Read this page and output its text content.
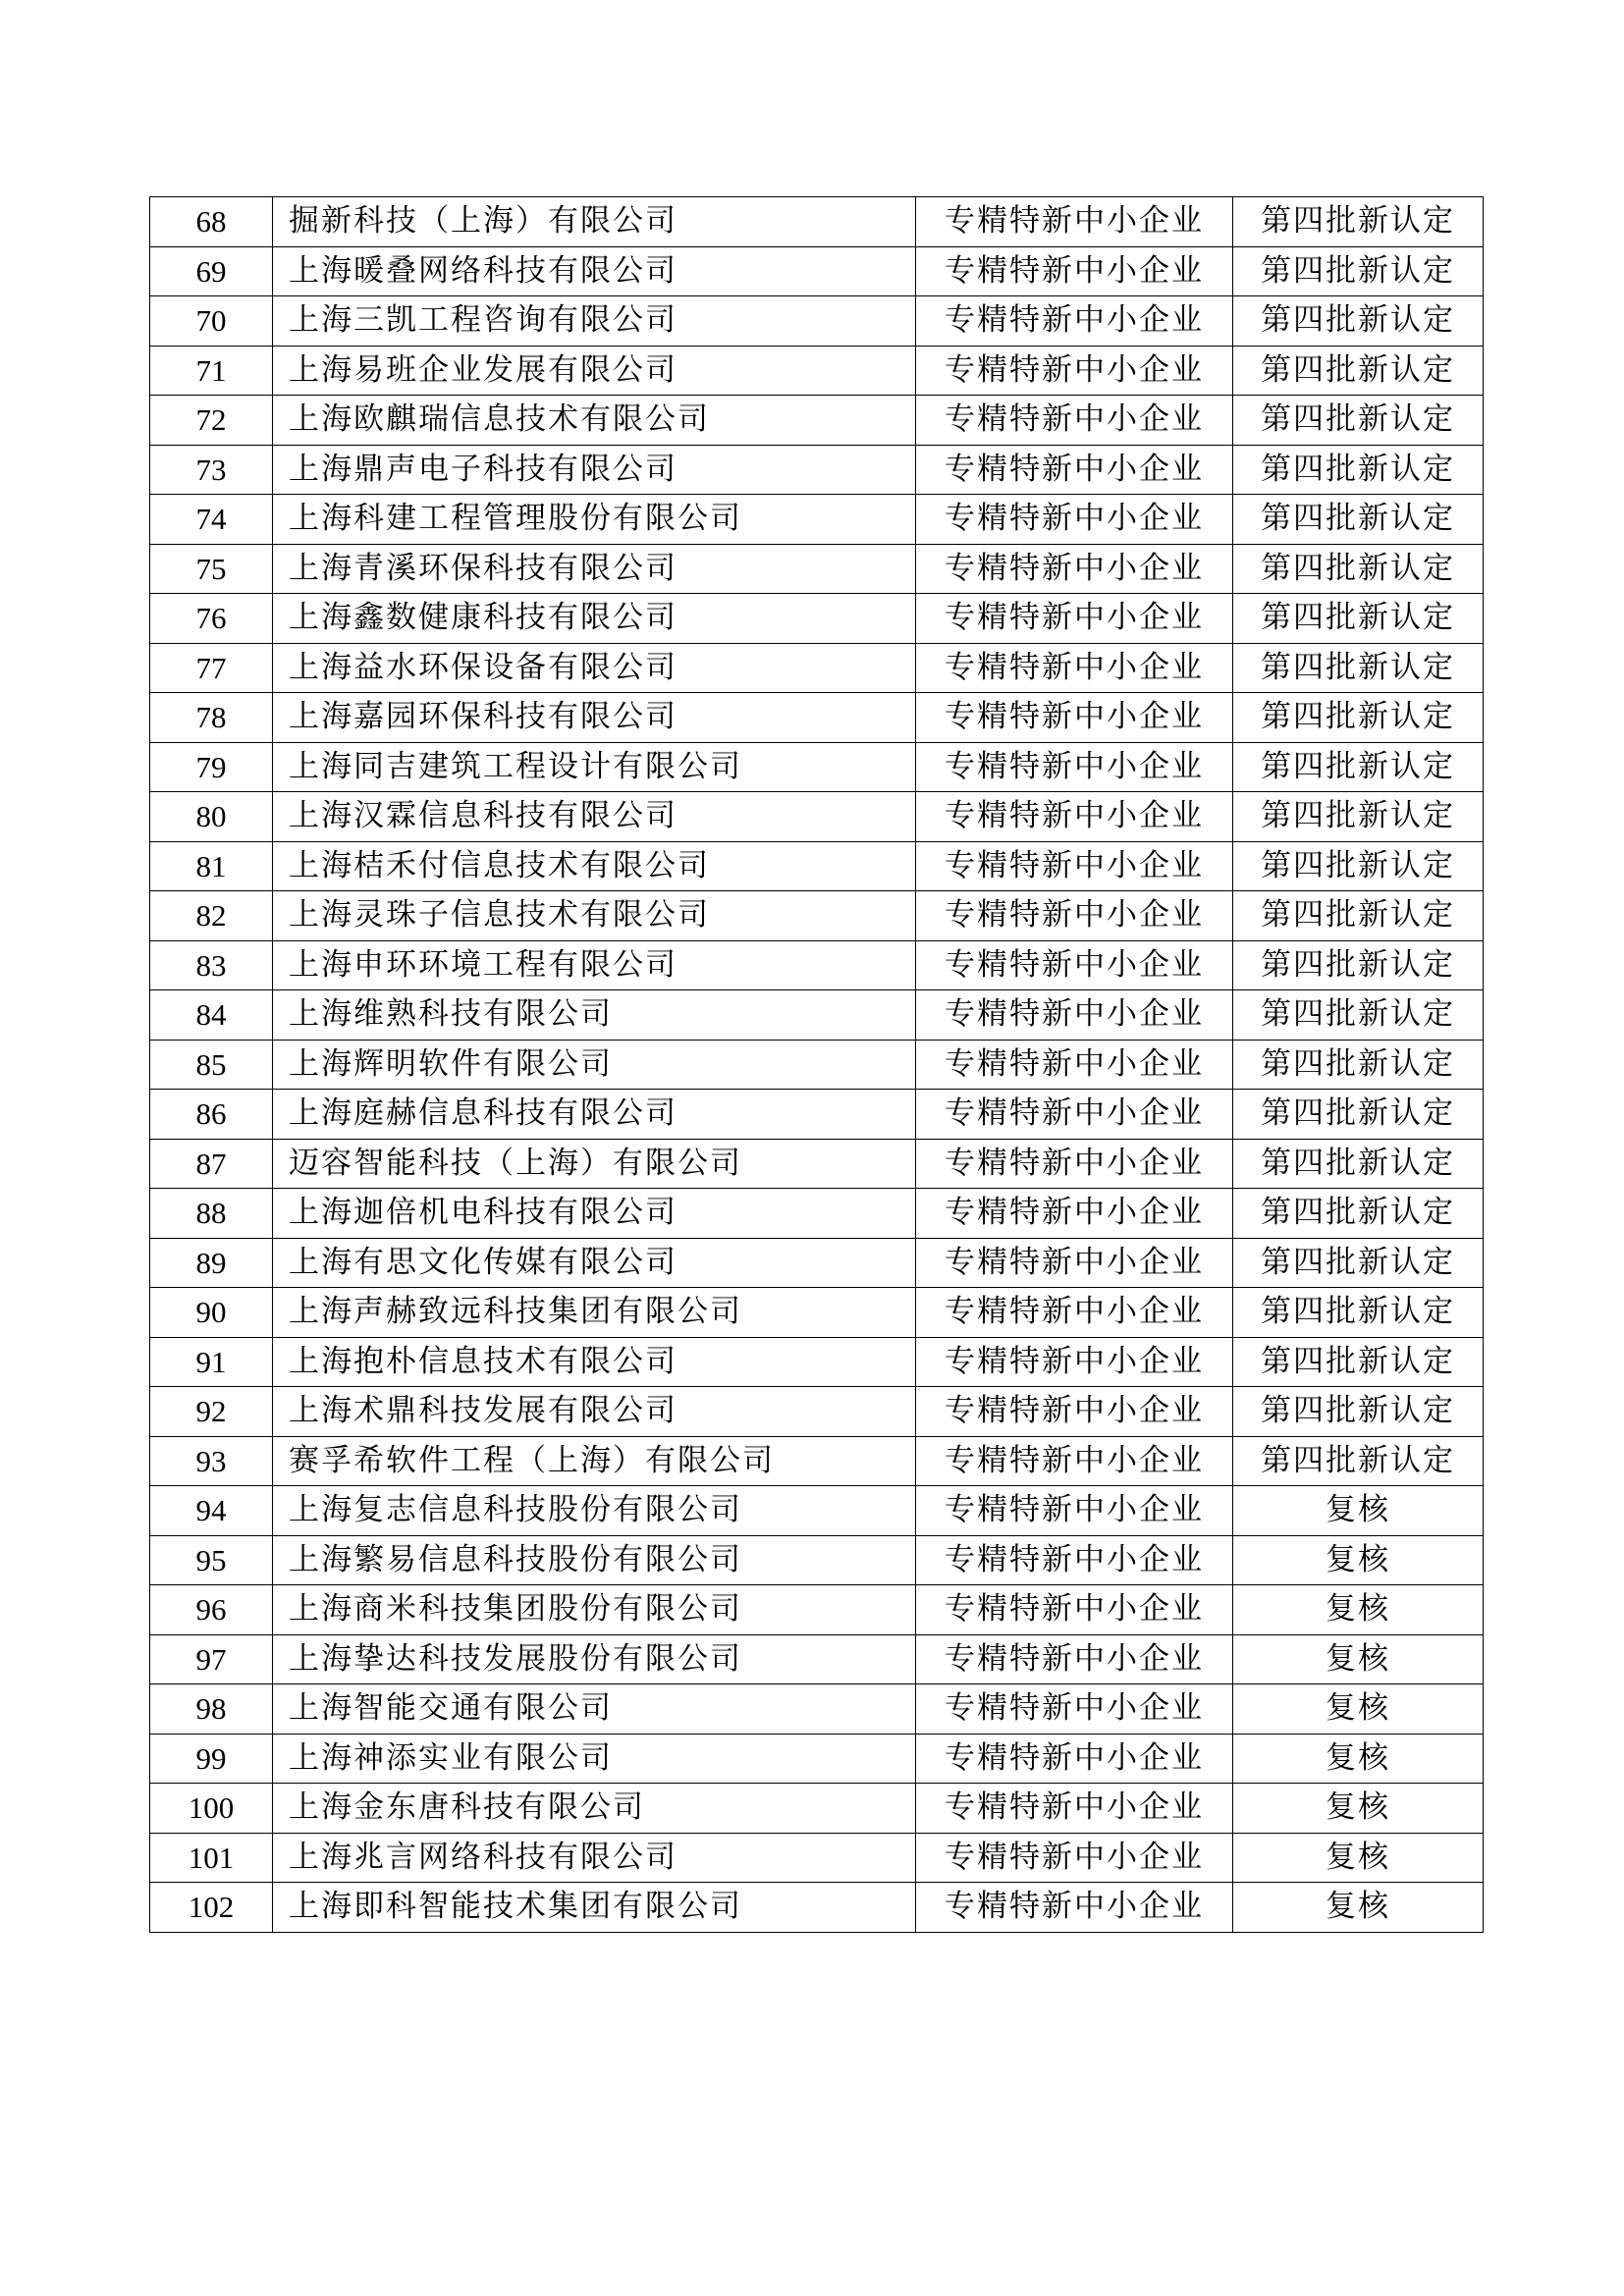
68	掘新科技（上海）有限公司	专精特新中小企业	第四批新认定
69	上海暖叠网络科技有限公司	专精特新中小企业	第四批新认定
70	上海三凯工程咨询有限公司	专精特新中小企业	第四批新认定
71	上海易班企业发展有限公司	专精特新中小企业	第四批新认定
72	上海欧麒瑞信息技术有限公司	专精特新中小企业	第四批新认定
73	上海鼎声电子科技有限公司	专精特新中小企业	第四批新认定
74	上海科建工程管理股份有限公司	专精特新中小企业	第四批新认定
75	上海青溪环保科技有限公司	专精特新中小企业	第四批新认定
76	上海鑫数健康科技有限公司	专精特新中小企业	第四批新认定
77	上海益水环保设备有限公司	专精特新中小企业	第四批新认定
78	上海嘉园环保科技有限公司	专精特新中小企业	第四批新认定
79	上海同吉建筑工程设计有限公司	专精特新中小企业	第四批新认定
80	上海汉霖信息科技有限公司	专精特新中小企业	第四批新认定
81	上海桔禾付信息技术有限公司	专精特新中小企业	第四批新认定
82	上海灵珠子信息技术有限公司	专精特新中小企业	第四批新认定
83	上海申环环境工程有限公司	专精特新中小企业	第四批新认定
84	上海维熟科技有限公司	专精特新中小企业	第四批新认定
85	上海辉明软件有限公司	专精特新中小企业	第四批新认定
86	上海庭赫信息科技有限公司	专精特新中小企业	第四批新认定
87	迈容智能科技（上海）有限公司	专精特新中小企业	第四批新认定
88	上海迦倍机电科技有限公司	专精特新中小企业	第四批新认定
89	上海有思文化传媒有限公司	专精特新中小企业	第四批新认定
90	上海声赫致远科技集团有限公司	专精特新中小企业	第四批新认定
91	上海抱朴信息技术有限公司	专精特新中小企业	第四批新认定
92	上海术鼎科技发展有限公司	专精特新中小企业	第四批新认定
93	赛孚希软件工程（上海）有限公司	专精特新中小企业	第四批新认定
94	上海复志信息科技股份有限公司	专精特新中小企业	复核
95	上海繁易信息科技股份有限公司	专精特新中小企业	复核
96	上海商米科技集团股份有限公司	专精特新中小企业	复核
97	上海挚达科技发展股份有限公司	专精特新中小企业	复核
98	上海智能交通有限公司	专精特新中小企业	复核
99	上海神添实业有限公司	专精特新中小企业	复核
100	上海金东唐科技有限公司	专精特新中小企业	复核
101	上海兆言网络科技有限公司	专精特新中小企业	复核
102	上海即科智能技术集团有限公司	专精特新中小企业	复核
